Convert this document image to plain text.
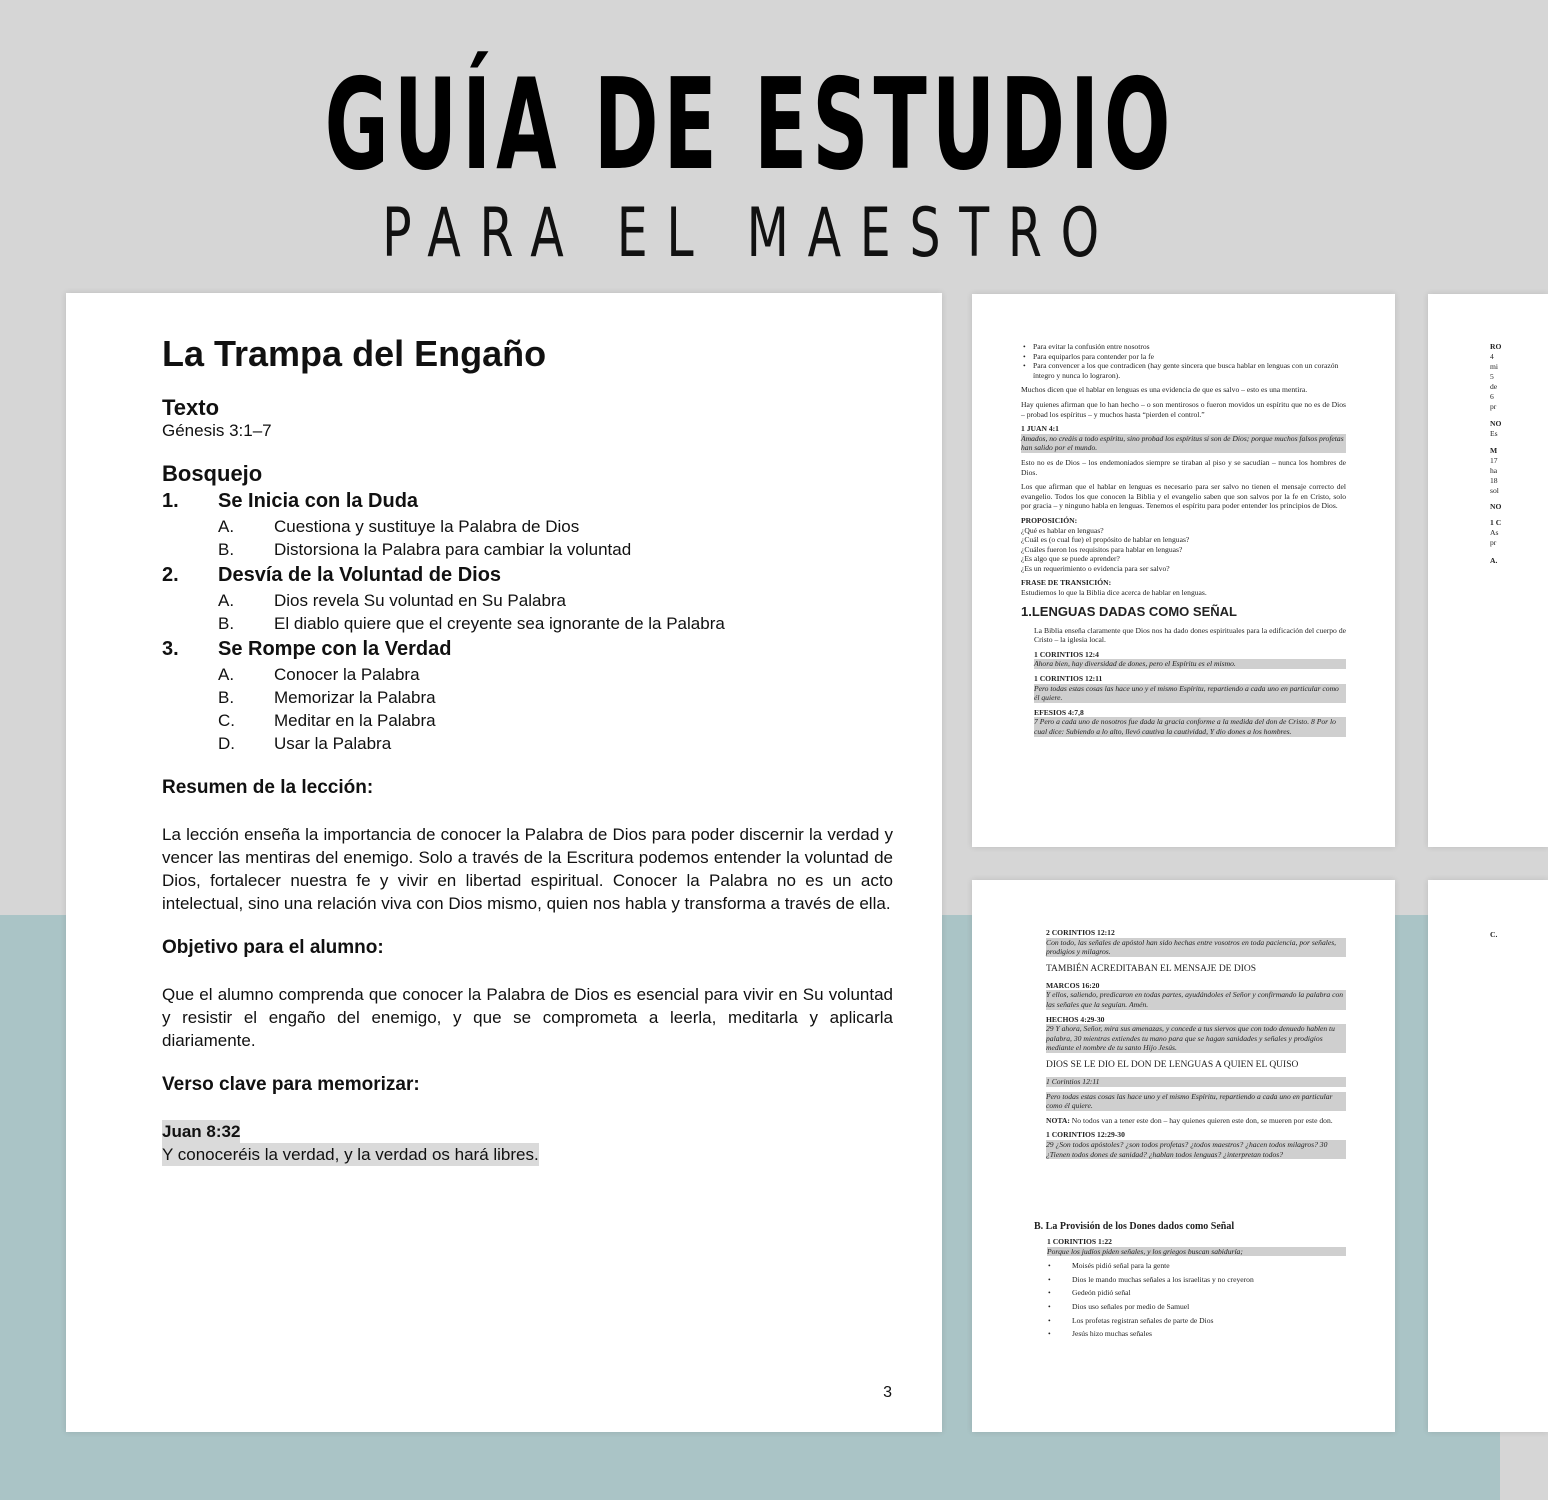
GUÍA DE ESTUDIO
PARA EL MAESTRO
La Trampa del Engaño
Texto

Génesis 3:1–7

Bosquejo
1.	Se Inicia con la Duda
A.	Cuestiona y sustituye la Palabra de Dios
B.	Distorsiona la Palabra para cambiar la voluntad
2.	Desvía de la Voluntad de Dios
A.	Dios revela Su voluntad en Su Palabra
B.	El diablo quiere que el creyente sea ignorante de la Palabra
3.	Se Rompe con la Verdad
A.	Conocer la Palabra
B.	Memorizar la Palabra
C.	Meditar en la Palabra
D.	Usar la Palabra
Resumen de la lección:

La lección enseña la importancia de conocer la Palabra de Dios para poder discernir la verdad y vencer las mentiras del enemigo. Solo a través de la Escritura podemos entender la voluntad de Dios, fortalecer nuestra fe y vivir en libertad espiritual. Conocer la Palabra no es un acto intelectual, sino una relación viva con Dios mismo, quien nos habla y transforma a través de ella.

Objetivo para el alumno:

Que el alumno comprenda que conocer la Palabra de Dios es esencial para vivir en Su voluntad y resistir el engaño del enemigo, y que se comprometa a leerla, meditarla y aplicarla diariamente.

Verso clave para memorizar:
Juan 8:32
Y conoceréis la verdad, y la verdad os hará libres.
3
• Para evitar la confusión entre nosotros
• Para equiparlos para contender por la fe
• Para convencer a los que contradicen (hay gente sincera que busca hablar en lenguas con un corazón íntegro y nunca lo lograron).

Muchos dicen que el hablar en lenguas es una evidencia de que es salvo – esto es una mentira.

Hay quienes afirman que lo han hecho – o son mentirosos o fueron movidos un espíritu que no es de Dios – probad los espíritus – y muchos hasta “pierden el control.”

1 JUAN 4:1
Amados, no creáis a todo espíritu, sino probad los espíritus si son de Dios; porque muchos falsos profetas han salido por el mundo.

Esto no es de Dios – los endemoniados siempre se tiraban al piso y se sacudían – nunca los hombres de Dios.

Los que afirman que el hablar en lenguas es necesario para ser salvo no tienen el mensaje correcto del evangelio. Todos los que conocen la Biblia y el evangelio saben que son salvos por la fe en Cristo, solo por gracia – y ninguno habla en lenguas. Tenemos el espíritu para poder entender los principios de Dios.

PROPOSICIÓN:
¿Qué es hablar en lenguas?
¿Cuál es (o cual fue) el propósito de hablar en lenguas?
¿Cuáles fueron los requisitos para hablar en lenguas?
¿Es algo que se puede aprender?
¿Es un requerimiento o evidencia para ser salvo?
FRASE DE TRANSICIÓN:

Estudiemos lo que la Biblia dice acerca de hablar en lenguas.

1.LENGUAS DADAS COMO SEÑAL

La Biblia enseña claramente que Dios nos ha dado dones espirituales para la edificación del cuerpo de Cristo – la iglesia local.

1 CORINTIOS 12:4
Ahora bien, hay diversidad de dones, pero el Espíritu es el mismo.
1 CORINTIOS 12:11
Pero todas estas cosas las hace uno y el mismo Espíritu, repartiendo a cada uno en particular como él quiere.
EFESIOS 4:7,8
7 Pero a cada uno de nosotros fue dada la gracia conforme a la medida del don de Cristo. 8 Por lo cual dice: Subiendo a lo alto, llevó cautiva la cautividad, Y dio dones a los hombres.
2 CORINTIOS 12:12
Con todo, las señales de apóstol han sido hechas entre vosotros en toda paciencia, por señales, prodigios y milagros.
TAMBIÉN ACREDITABAN EL MENSAJE DE DIOS
MARCOS 16:20
Y ellos, saliendo, predicaron en todas partes, ayudándoles el Señor y confirmando la palabra con las señales que la seguían. Amén.
HECHOS 4:29-30
29 Y ahora, Señor, mira sus amenazas, y concede a tus siervos que con todo denuedo hablen tu palabra, 30 mientras extiendes tu mano para que se hagan sanidades y señales y prodigios mediante el nombre de tu santo Hijo Jesús.
DIOS SE LE DIO EL DON DE LENGUAS A QUIEN EL QUISO
1 Corintios 12:11
Pero todas estas cosas las hace uno y el mismo Espíritu, repartiendo a cada uno en particular como él quiere.

NOTA: No todos van a tener este don – hay quienes quieren este don, se mueren por este don.

1 CORINTIOS 12:29-30
29 ¿Son todos apóstoles? ¿son todos profetas? ¿todos maestros? ¿hacen todos milagros? 30 ¿Tienen todos dones de sanidad? ¿hablan todos lenguas? ¿interpretan todos?
B. La Provisión de los Dones dados como Señal
1 CORINTIOS 1:22
Porque los judíos piden señales, y los griegos buscan sabiduría;
• Moisés pidió señal para la gente
• Dios le mando muchas señales a los israelitas y no creyeron
• Gedeón pidió señal
• Dios uso señales por medio de Samuel
• Los profetas registran señales de parte de Dios
• Jesús hizo muchas señales
RO
4
mi
5
de
6
pr
NO
Es
M
17
ha
18
sol
NO
1 C
As
pr
A.
C.
